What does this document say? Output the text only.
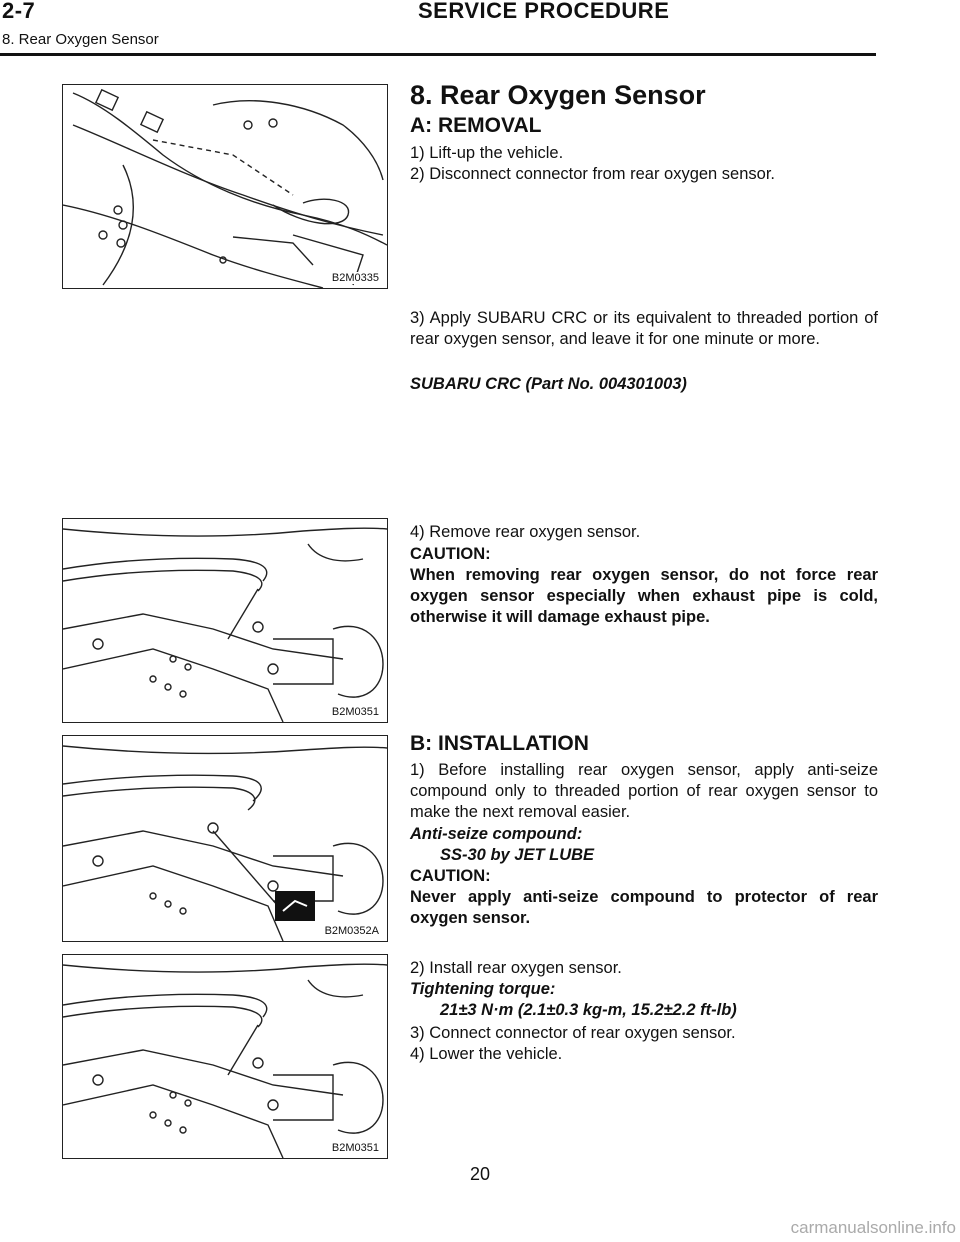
2-7	SERVICE PROCEDURE
8. Rear Oxygen Sensor
B2M0335
8. Rear Oxygen Sensor
A: REMOVAL
1) Lift-up the vehicle.
2) Disconnect connector from rear oxygen sensor.
3) Apply SUBARU CRC or its equivalent to threaded portion of rear oxygen sensor, and leave it for one minute or more.
SUBARU CRC (Part No. 004301003)
B2M0351
4) Remove rear oxygen sensor.
CAUTION:
When removing rear oxygen sensor, do not force rear oxygen sensor especially when exhaust pipe is cold, otherwise it will damage exhaust pipe.
B2M0352A
B: INSTALLATION
1) Before installing rear oxygen sensor, apply anti-seize compound only to threaded portion of rear oxygen sensor to make the next removal easier.
Anti-seize compound:
SS-30 by JET LUBE
CAUTION:
Never apply anti-seize compound to protector of rear oxygen sensor.
B2M0351
2) Install rear oxygen sensor.
Tightening torque:
21±3 N·m (2.1±0.3 kg-m, 15.2±2.2 ft-lb)
3) Connect connector of rear oxygen sensor.
4) Lower the vehicle.
20
carmanualsonline.info
